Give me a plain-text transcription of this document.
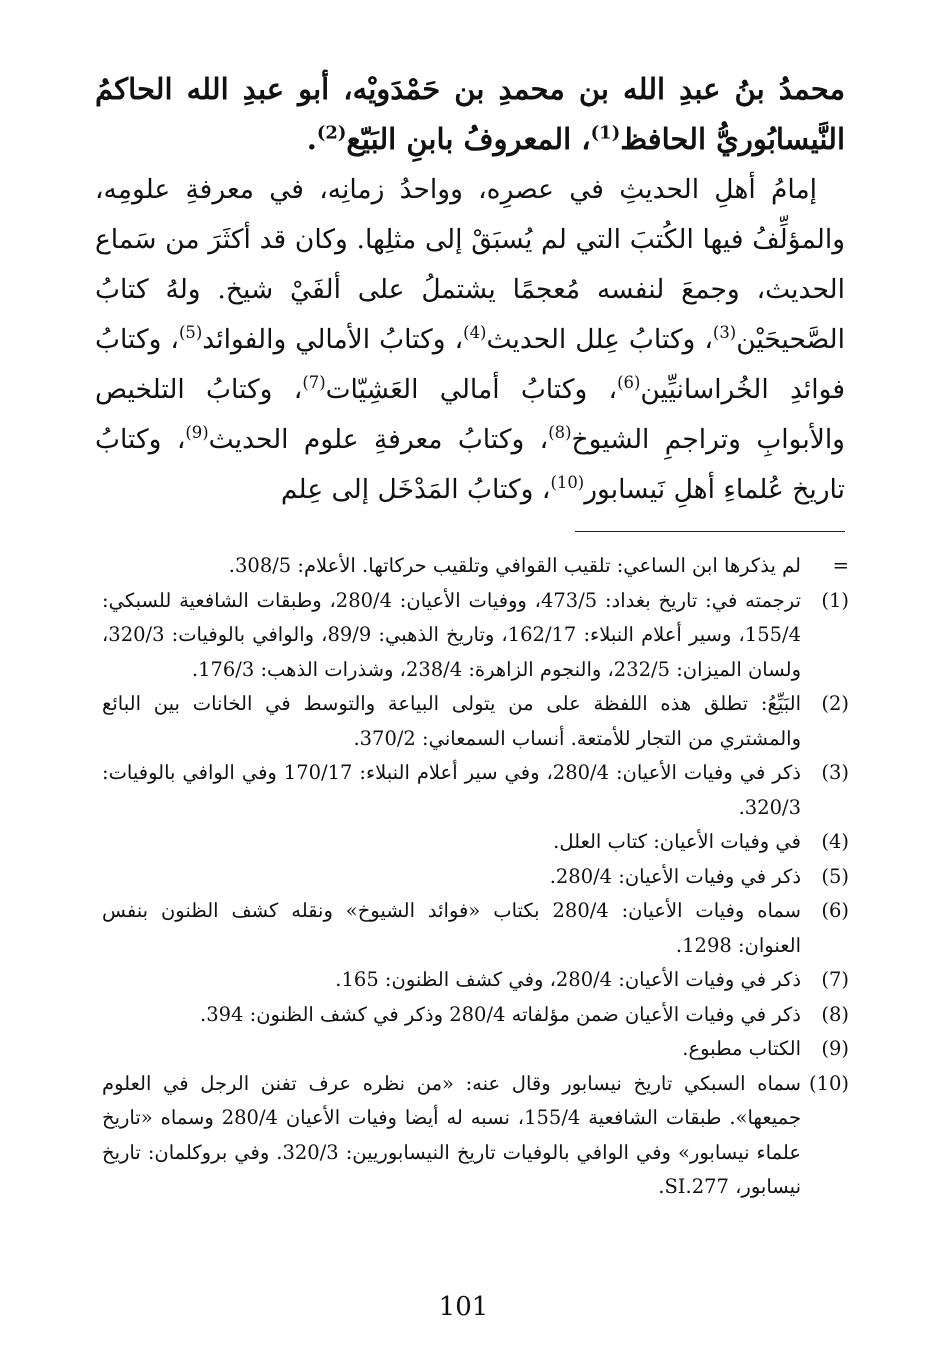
محمدُ بنُ عبدِ الله بن محمدِ بن حَمْدَويْه، أبو عبدِ الله الحاكمُ النَّيسابُوريُّ الحافظ$^{(1)}$، المعروفُ بابنِ البَيّع$^{(2)}$.

إمامُ أهلِ الحديثِ في عصرِه، وواحدُ زمانِه، في معرفةِ علومِه، والمؤلِّفُ فيها الكُتبَ التي لم يُسبَقْ إلى مثلِها. وكان قد أكثَرَ من سَماع الحديث، وجمعَ لنفسه مُعجمًا يشتملُ على ألفَيْ شيخ. ولهُ كتابُ الصَّحيحَيْن$^{(3)}$، وكتابُ عِلل الحديث$^{(4)}$، وكتابُ الأمالي والفوائد$^{(5)}$، وكتابُ فوائدِ الخُراسانيِّين$^{(6)}$، وكتابُ أمالي العَشِيّات$^{(7)}$، وكتابُ التلخيص والأبوابِ وتراجمِ الشيوخ$^{(8)}$، وكتابُ معرفةِ علوم الحديث$^{(9)}$، وكتابُ تاريخ عُلماءِ أهلِ نَيسابور$^{(10)}$، وكتابُ المَدْخَل إلى عِلم

=
لم يذكرها ابن الساعي: تلقيب القوافي وتلقيب حركاتها. الأعلام: 308/5.
(1)
ترجمته في: تاريخ بغداد: 473/5، ووفيات الأعيان: 280/4، وطبقات الشافعية للسبكي: 155/4، وسير أعلام النبلاء: 162/17، وتاريخ الذهبي: 89/9، والوافي بالوفيات: 320/3، ولسان الميزان: 232/5، والنجوم الزاهرة: 238/4، وشذرات الذهب: 176/3.
(2)
البَيِّعُ: تطلق هذه اللفظة على من يتولى البياعة والتوسط في الخانات بين البائع والمشتري من التجار للأمتعة. أنساب السمعاني: 370/2.
(3)
ذكر في وفيات الأعيان: 280/4، وفي سير أعلام النبلاء: 170/17 وفي الوافي بالوفيات: 320/3.
(4)
في وفيات الأعيان: كتاب العلل.
(5)
ذكر في وفيات الأعيان: 280/4.
(6)
سماه وفيات الأعيان: 280/4 بكتاب «فوائد الشيوخ» ونقله كشف الظنون بنفس العنوان: 1298.
(7)
ذكر في وفيات الأعيان: 280/4، وفي كشف الظنون: 165.
(8)
ذكر في وفيات الأعيان ضمن مؤلفاته 280/4 وذكر في كشف الظنون: 394.
(9)
الكتاب مطبوع.
(10)
سماه السبكي تاريخ نيسابور وقال عنه: «من نظره عرف تفنن الرجل في العلوم جميعها». طبقات الشافعية 155/4، نسبه له أيضا وفيات الأعيان 280/4 وسماه «تاريخ علماء نيسابور» وفي الوافي بالوفيات تاريخ النيسابوريين: 320/3. وفي بروكلمان: تاريخ نيسابور، SI.277.
101
